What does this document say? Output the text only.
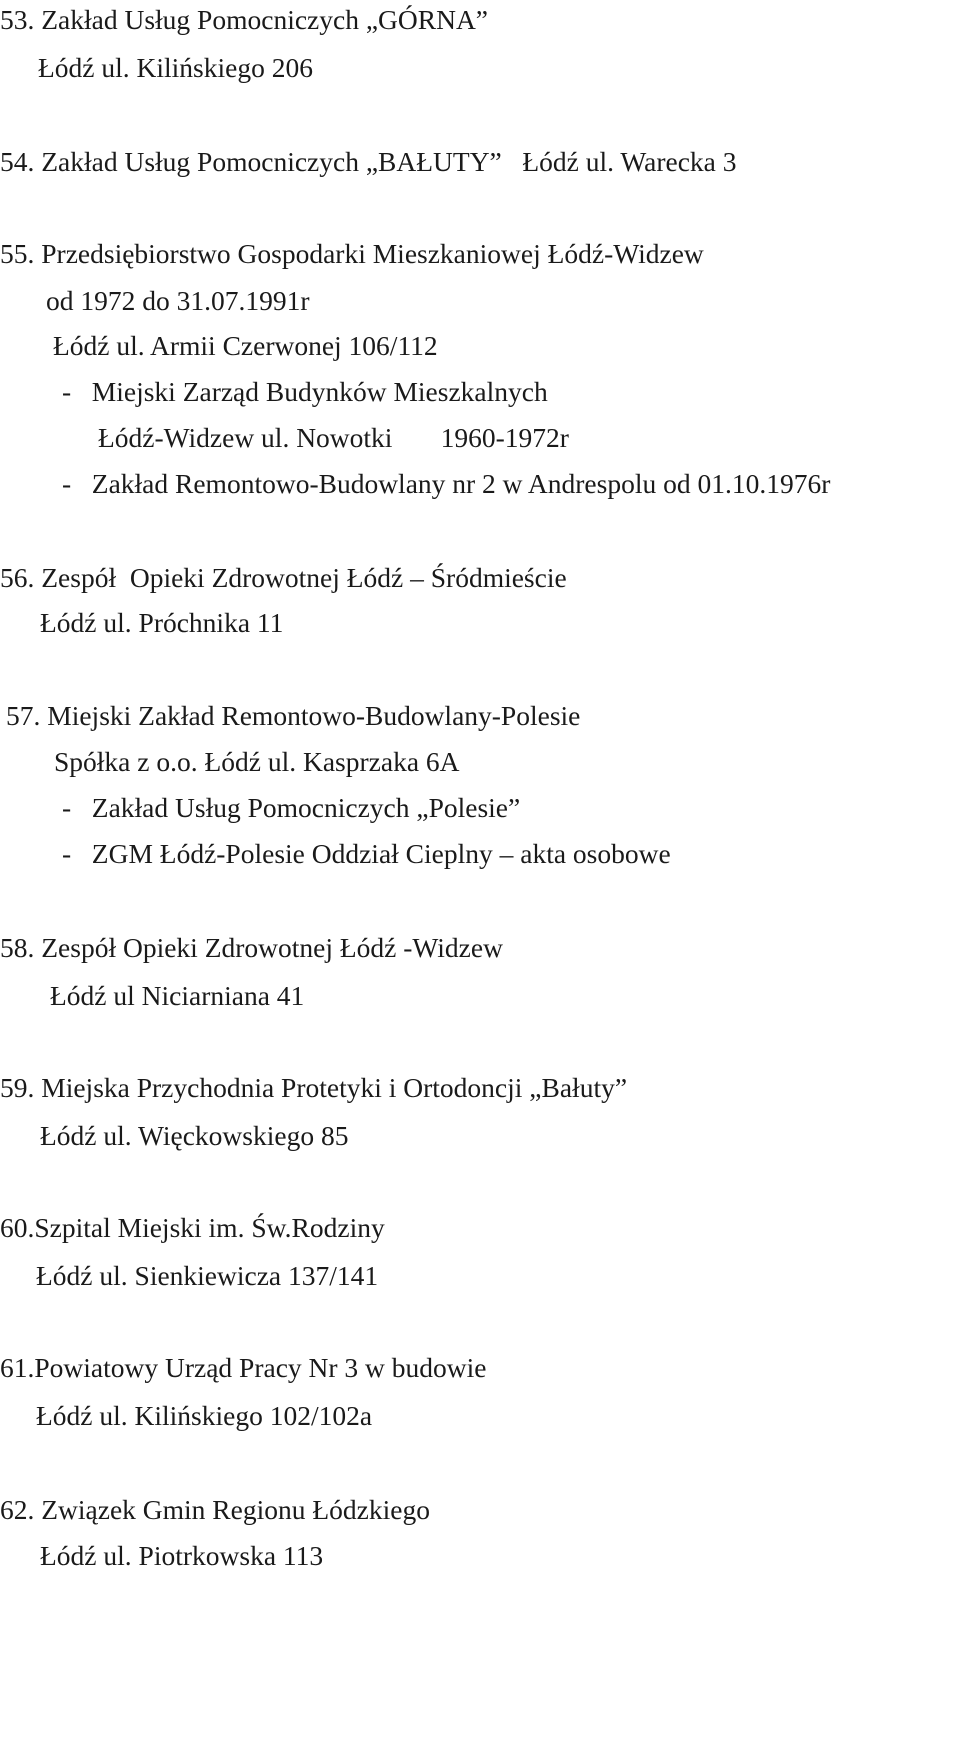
53. Zakład Usług Pomocniczych „GÓRNA”
Łódź ul. Kilińskiego 206
54. Zakład Usług Pomocniczych „BAŁUTY”   Łódź ul. Warecka 3
55. Przedsiębiorstwo Gospodarki Mieszkaniowej Łódź-Widzew
od 1972 do 31.07.1991r
Łódź ul. Armii Czerwonej 106/112
-   Miejski Zarząd Budynków Mieszkalnych
Łódź-Widzew ul. Nowotki       1960-1972r
-   Zakład Remontowo-Budowlany nr 2 w Andrespolu od 01.10.1976r
56. Zespół  Opieki Zdrowotnej Łódź – Śródmieście
Łódź ul. Próchnika 11
57. Miejski Zakład Remontowo-Budowlany-Polesie
Spółka z o.o. Łódź ul. Kasprzaka 6A
-   Zakład Usług Pomocniczych „Polesie”
-   ZGM Łódź-Polesie Oddział Cieplny – akta osobowe
58. Zespół Opieki Zdrowotnej Łódź -Widzew
Łódź ul Niciarniana 41
59. Miejska Przychodnia Protetyki i Ortodoncji „Bałuty”
Łódź ul. Więckowskiego 85
60.Szpital Miejski im. Św.Rodziny
Łódź ul. Sienkiewicza 137/141
61.Powiatowy Urząd Pracy Nr 3 w budowie
Łódź ul. Kilińskiego 102/102a
62. Związek Gmin Regionu Łódzkiego
Łódź ul. Piotrkowska 113
